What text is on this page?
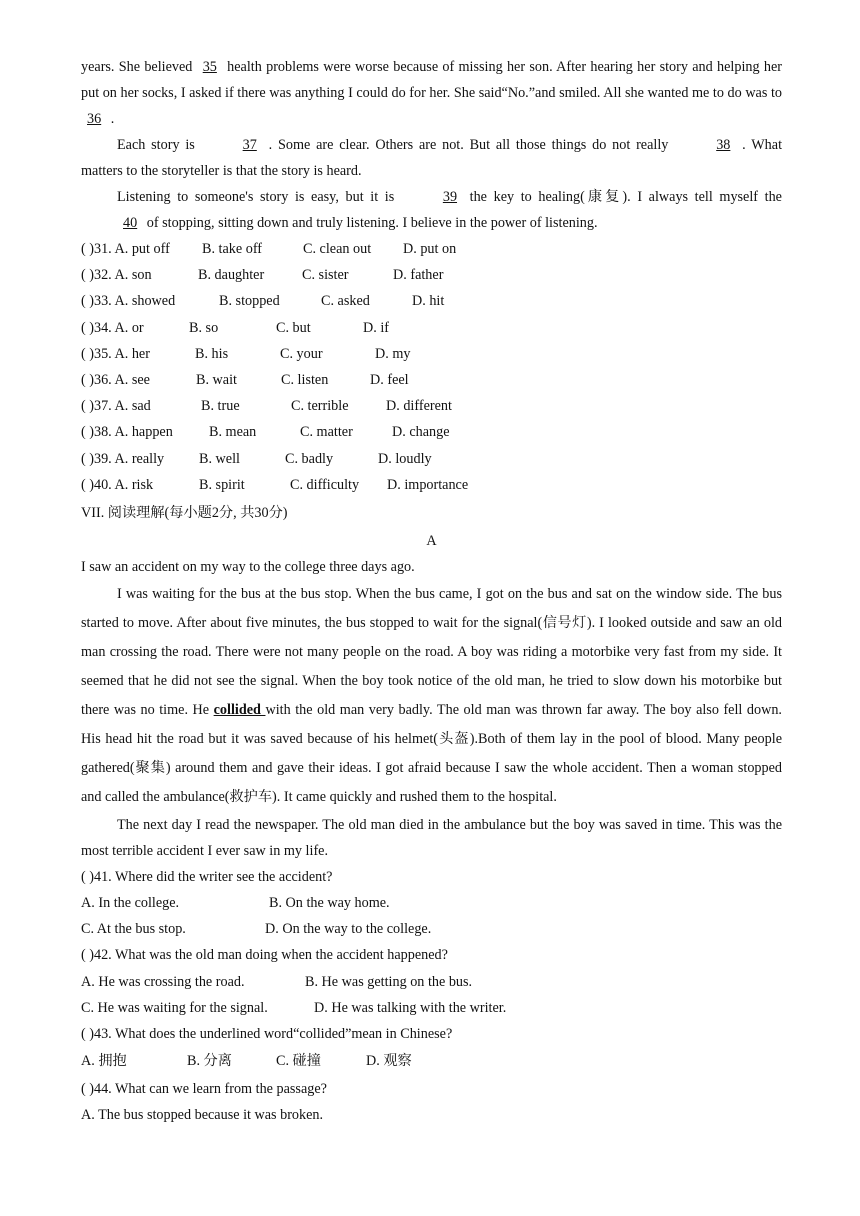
years. She believed 35 health problems were worse because of missing her son. After hearing her story and helping her put on her socks, I asked if there was anything I could do for her. She said“No.”and smiled. All she wanted me to do was to 36 .

Each story is	37 . Some are clear. Others are not. But all those things do not really	38 . What matters to the storyteller is that the story is heard.

Listening to someone's story is easy, but it is	39 the key to healing(康复). I always tell myself the 40 of stopping, sitting down and truly listening. I believe in the power of listening.

( )31. A. put off B. take off	C. clean out D. put on
( )32. A. son	B. daughter	C. sister	D. father
( )33. A. showed	B. stopped	C. asked	D. hit
( )34. A. or	B. so	C. but	D. if
( )35. A. her	B. his	C. your	D. my
( )36. A. see	B. wait	C. listen	D. feel
( )37. A. sad	B. true	C. terrible	D. different
( )38. A. happen	B. mean	C. matter	D. change
( )39. A. really B. well	C. badly	D. loudly
( )40. A. risk	B. spirit	C. difficulty D. importance
VII. 阅读理解(每小题2分, 共30分)
A

I saw an accident on my way to the college three days ago.

I was waiting for the bus at the bus stop. When the bus came, I got on the bus and sat on the window side. The bus started to move. After about five minutes, the bus stopped to wait for the signal(信号灯). I looked outside and saw an old man crossing the road. There were not many people on the road. A boy was riding a motorbike very fast from my side. It seemed that he did not see the signal. When the boy took notice of the old man, he tried to slow down his motorbike but there was no time. He collided with the old man very badly. The old man was thrown far away. The boy also fell down. His head hit the road but it was saved because of his helmet(头盔).Both of them lay in the pool of blood. Many people gathered(聚集) around them and gave their ideas. I got afraid because I saw the whole accident. Then a woman stopped and called the ambulance(救护车). It came quickly and rushed them to the hospital.

The next day I read the newspaper. The old man died in the ambulance but the boy was saved in time. This was the most terrible accident I ever saw in my life.

( )41. Where did the writer see the accident?
A. In the college.	B. On the way home.
C. At the bus stop.	D. On the way to the college.
( )42. What was the old man doing when the accident happened?
A. He was crossing the road.	B. He was getting on the bus.
C. He was waiting for the signal.	D. He was talking with the writer.
( )43. What does the underlined word“collided”mean in Chinese?
A. 拥抱	B. 分离	C. 碰撞	D. 观察
( )44. What can we learn from the passage?
A. The bus stopped because it was broken.
